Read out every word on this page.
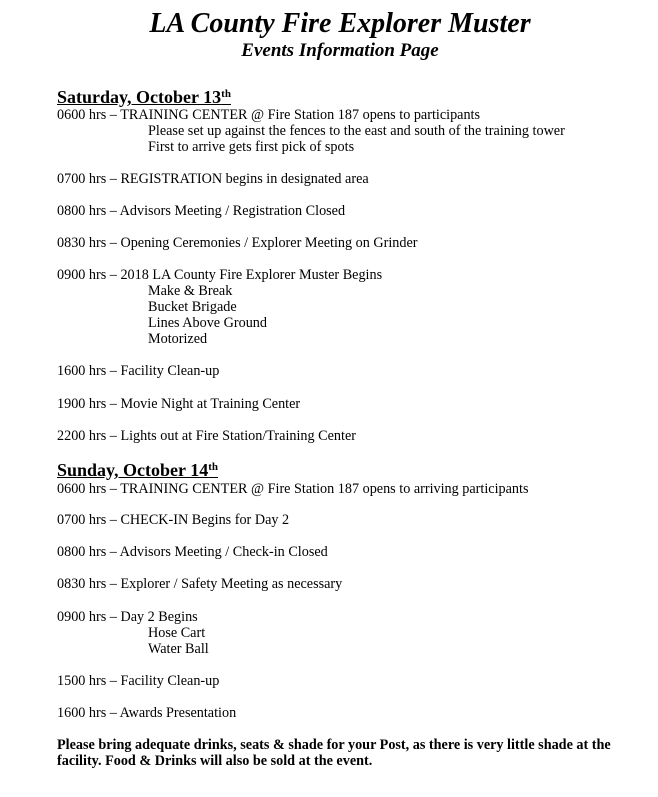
LA County Fire Explorer Muster
Events Information Page
Saturday, October 13th
0600 hrs – TRAINING CENTER @ Fire Station 187 opens to participants
Please set up against the fences to the east and south of the training tower
First to arrive gets first pick of spots
0700 hrs – REGISTRATION begins in designated area
0800 hrs – Advisors Meeting / Registration Closed
0830 hrs – Opening Ceremonies / Explorer Meeting on Grinder
0900 hrs – 2018 LA County Fire Explorer Muster Begins
Make & Break
Bucket Brigade
Lines Above Ground
Motorized
1600 hrs – Facility Clean-up
1900 hrs – Movie Night at Training Center
2200 hrs – Lights out at Fire Station/Training Center
Sunday, October 14th
0600 hrs – TRAINING CENTER @ Fire Station 187 opens to arriving participants
0700 hrs – CHECK-IN Begins for Day 2
0800 hrs – Advisors Meeting / Check-in Closed
0830 hrs – Explorer / Safety Meeting as necessary
0900 hrs – Day 2 Begins
Hose Cart
Water Ball
1500 hrs – Facility Clean-up
1600 hrs – Awards Presentation
Please bring adequate drinks, seats & shade for your Post, as there is very little shade at the facility. Food & Drinks will also be sold at the event.
